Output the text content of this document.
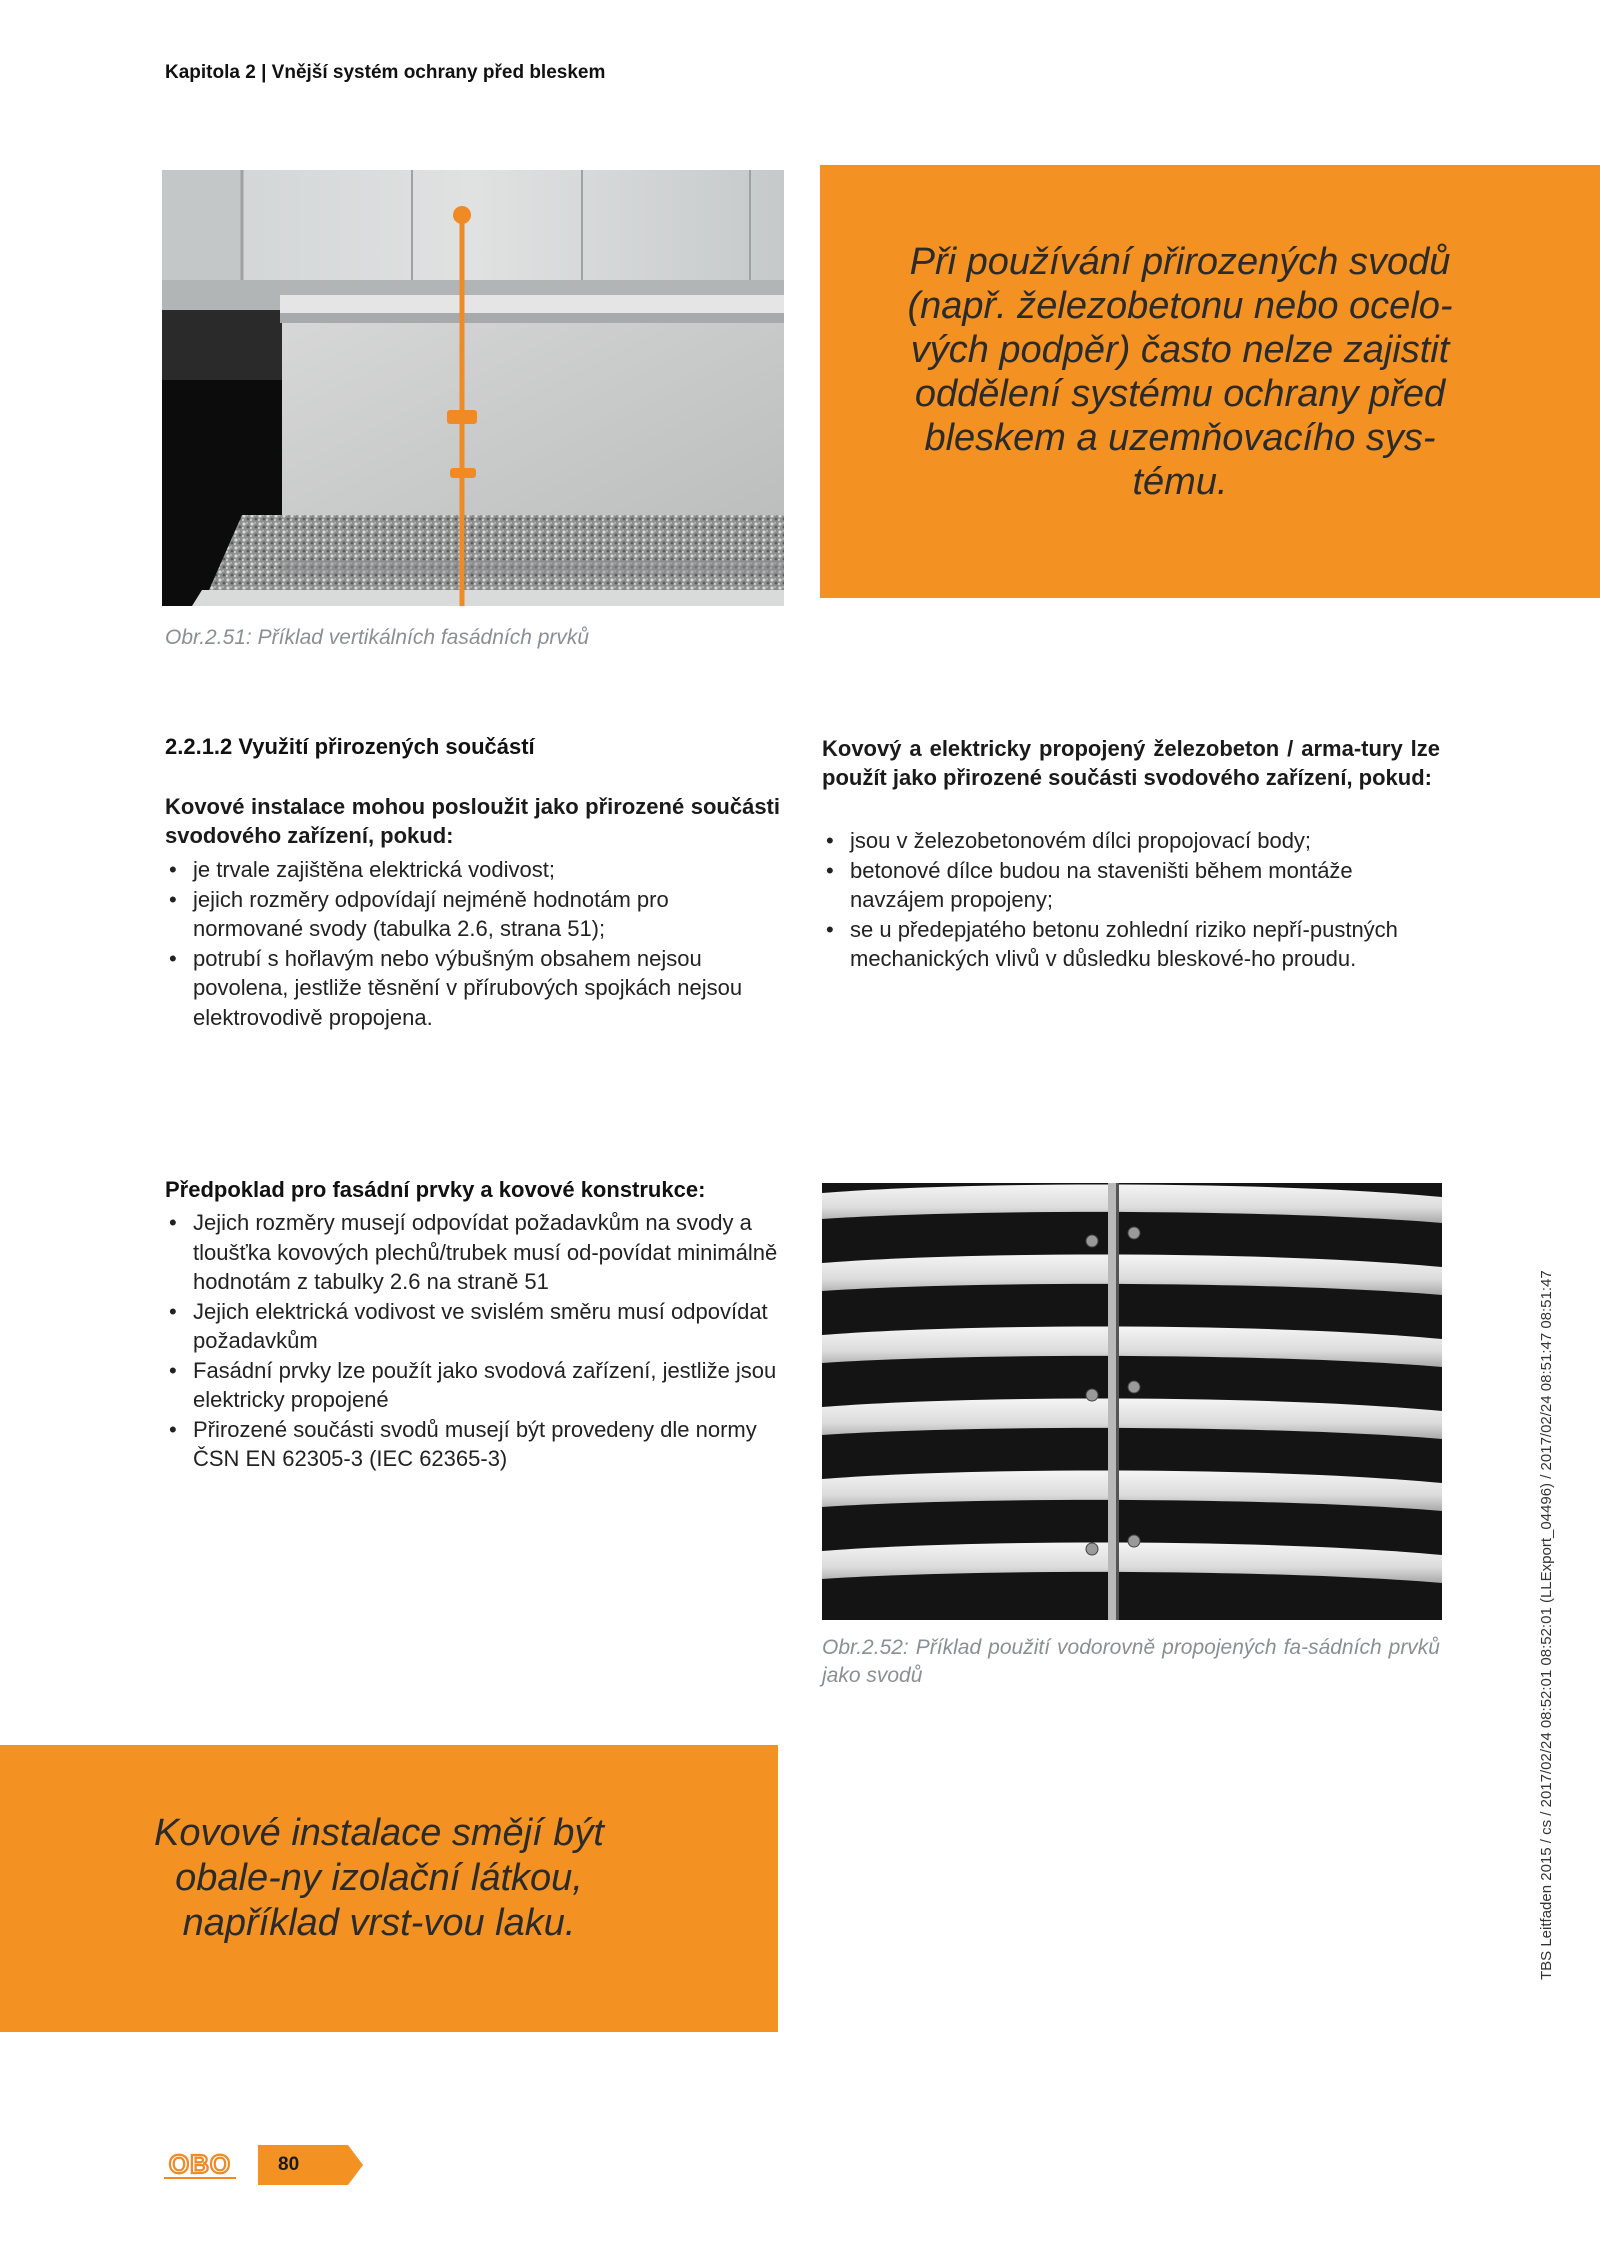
Kapitola 2 | Vnější systém ochrany před bleskem
Obr.2.51: Příklad vertikálních fasádních prvků
Při používání přirozených svodů (např. železobetonu nebo ocelo-vých podpěr) často nelze zajistit oddělení systému ochrany před bleskem a uzemňovacího sys-tému.
2.2.1.2 Využití přirozených součástí
Kovové instalace mohou posloužit jako přirozené součásti svodového zařízení, pokud:
• je trvale zajištěna elektrická vodivost;
• jejich rozměry odpovídají nejméně hodnotám pro normované svody (tabulka 2.6, strana 51);
• potrubí s hořlavým nebo výbušným obsahem nejsou povolena, jestliže těsnění v přírubových spojkách nejsou elektrovodivě propojena.
Kovový a elektricky propojený železobeton / arma-tury lze použít jako přirozené součásti svodového zařízení, pokud:
• jsou v železobetonovém dílci propojovací body;
• betonové dílce budou na staveništi během montáže navzájem propojeny;
• se u předepjatého betonu zohlední riziko nepří-pustných mechanických vlivů v důsledku bleskové-ho proudu.
Předpoklad pro fasádní prvky a kovové konstrukce:
• Jejich rozměry musejí odpovídat požadavkům na svody a tloušťka kovových plechů/trubek musí od-povídat minimálně hodnotám z tabulky 2.6 na straně 51
• Jejich elektrická vodivost ve svislém směru musí odpovídat požadavkům
• Fasádní prvky lze použít jako svodová zařízení, jestliže jsou elektricky propojené
• Přirozené součásti svodů musejí být provedeny dle normy ČSN EN 62305-3 (IEC 62365-3)
Obr.2.52: Příklad použití vodorovně propojených fa-sádních prvků jako svodů
Kovové instalace smějí být obale-ny izolační látkou, například vrst-vou laku.	TBS Leitfaden 2015 / cs / 2017/02/24 08:52:01 08:52:01 (LLExport_04496) / 2017/02/24 08:51:47 08:51:47
OBO 80
